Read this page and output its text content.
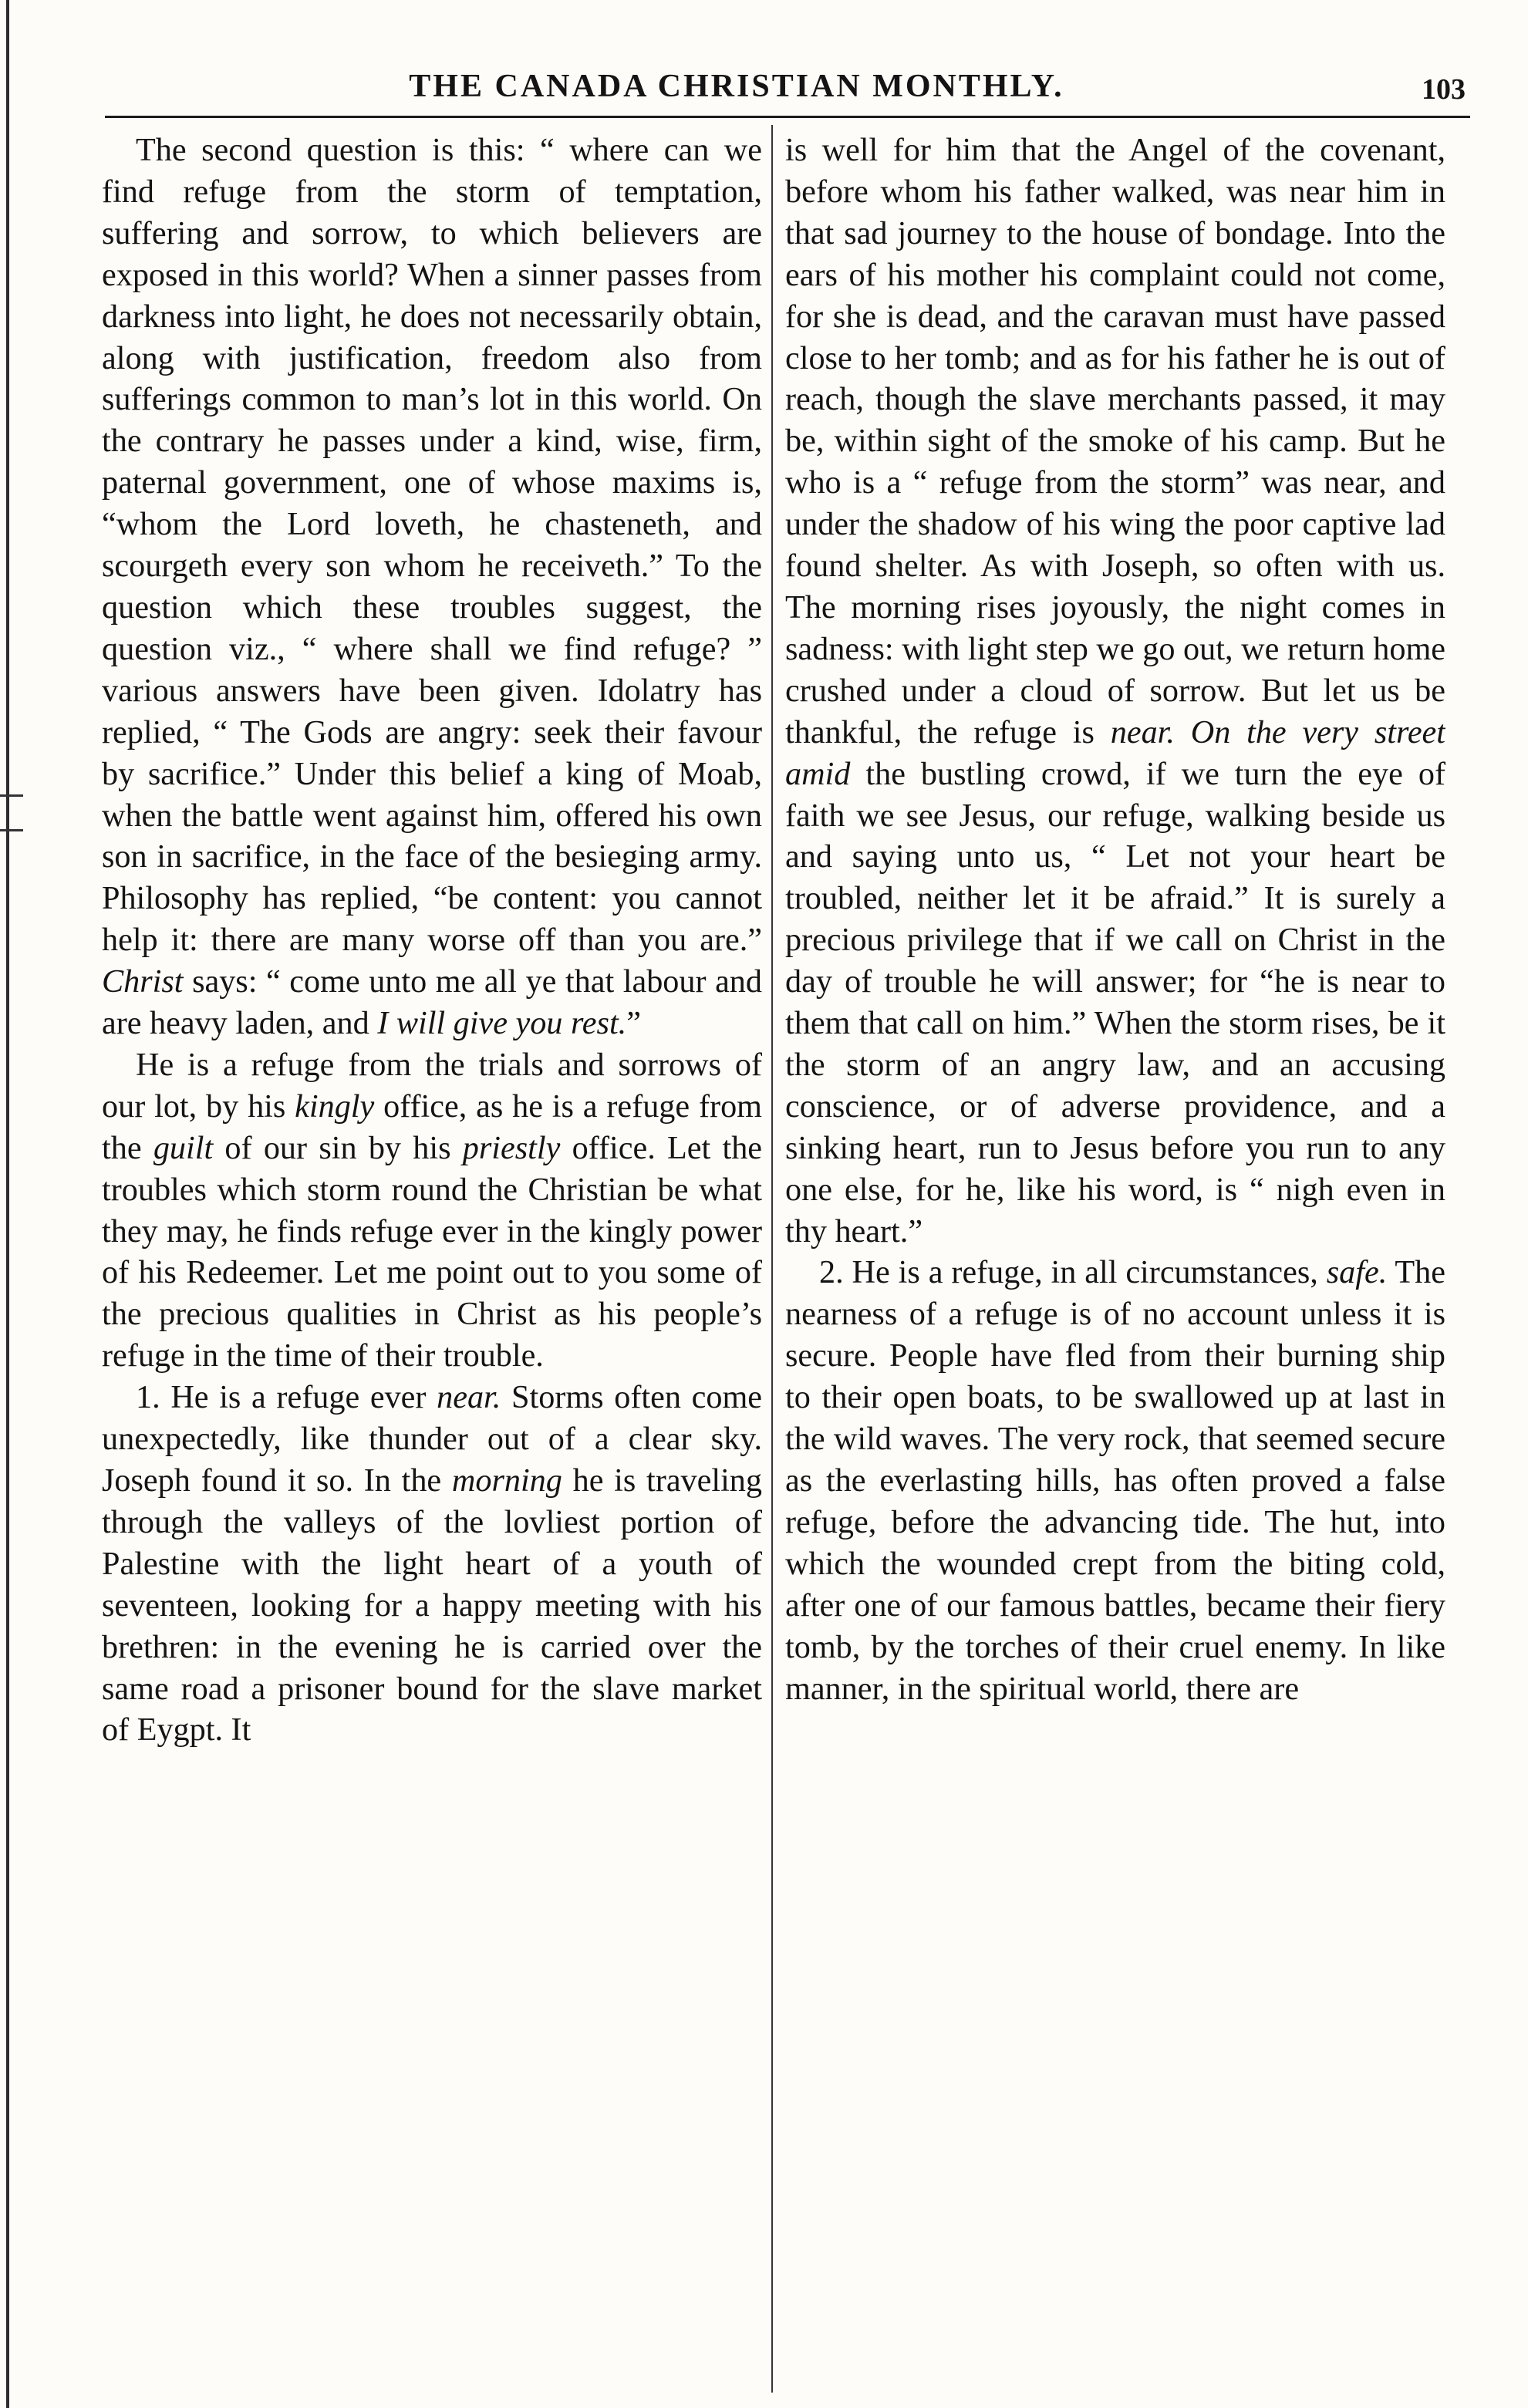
THE CANADA CHRISTIAN MONTHLY.	103

The second question is this: “ where can we find refuge from the storm of temptation, suffering and sorrow, to which believers are exposed in this world? When a sinner passes from darkness into light, he does not necessarily obtain, along with justification, freedom also from sufferings common to man’s lot in this world. On the contrary he passes under a kind, wise, firm, paternal government, one of whose maxims is, “whom the Lord loveth, he chasteneth, and scourgeth every son whom he receiveth.” To the question which these troubles suggest, the question viz., “ where shall we find refuge? ” various answers have been given. Idolatry has replied, “ The Gods are angry: seek their favour by sacrifice.” Under this belief a king of Moab, when the battle went against him, offered his own son in sacrifice, in the face of the besieging army. Philosophy has replied, “be content: you cannot help it: there are many worse off than you are.” Christ says: “ come unto me all ye that labour and are heavy laden, and I will give you rest.”

He is a refuge from the trials and sorrows of our lot, by his kingly office, as he is a refuge from the guilt of our sin by his priestly office. Let the troubles which storm round the Christian be what they may, he finds refuge ever in the kingly power of his Redeemer. Let me point out to you some of the precious qualities in Christ as his people’s refuge in the time of their trouble.

1. He is a refuge ever near. Storms often come unexpectedly, like thunder out of a clear sky. Joseph found it so. In the morning he is traveling through the valleys of the lovliest portion of Palestine with the light heart of a youth of seventeen, looking for a happy meeting with his brethren: in the evening he is carried over the same road a prisoner bound for the slave market of Eygpt. It

is well for him that the Angel of the covenant, before whom his father walked, was near him in that sad journey to the house of bondage. Into the ears of his mother his complaint could not come, for she is dead, and the caravan must have passed close to her tomb; and as for his father he is out of reach, though the slave merchants passed, it may be, within sight of the smoke of his camp. But he who is a “ refuge from the storm” was near, and under the shadow of his wing the poor captive lad found shelter. As with Joseph, so often with us. The morning rises joyously, the night comes in sadness: with light step we go out, we return home crushed under a cloud of sorrow. But let us be thankful, the refuge is near. On the very street amid the bustling crowd, if we turn the eye of faith we see Jesus, our refuge, walking beside us and saying unto us, “ Let not your heart be troubled, neither let it be afraid.” It is surely a precious privilege that if we call on Christ in the day of trouble he will answer; for “he is near to them that call on him.” When the storm rises, be it the storm of an angry law, and an accusing conscience, or of adverse providence, and a sinking heart, run to Jesus before you run to any one else, for he, like his word, is “ nigh even in thy heart.”

2. He is a refuge, in all circumstances, safe. The nearness of a refuge is of no account unless it is secure. People have fled from their burning ship to their open boats, to be swallowed up at last in the wild waves. The very rock, that seemed secure as the everlasting hills, has often proved a false refuge, before the advancing tide. The hut, into which the wounded crept from the biting cold, after one of our famous battles, became their fiery tomb, by the torches of their cruel enemy. In like manner, in the spiritual world, there are
